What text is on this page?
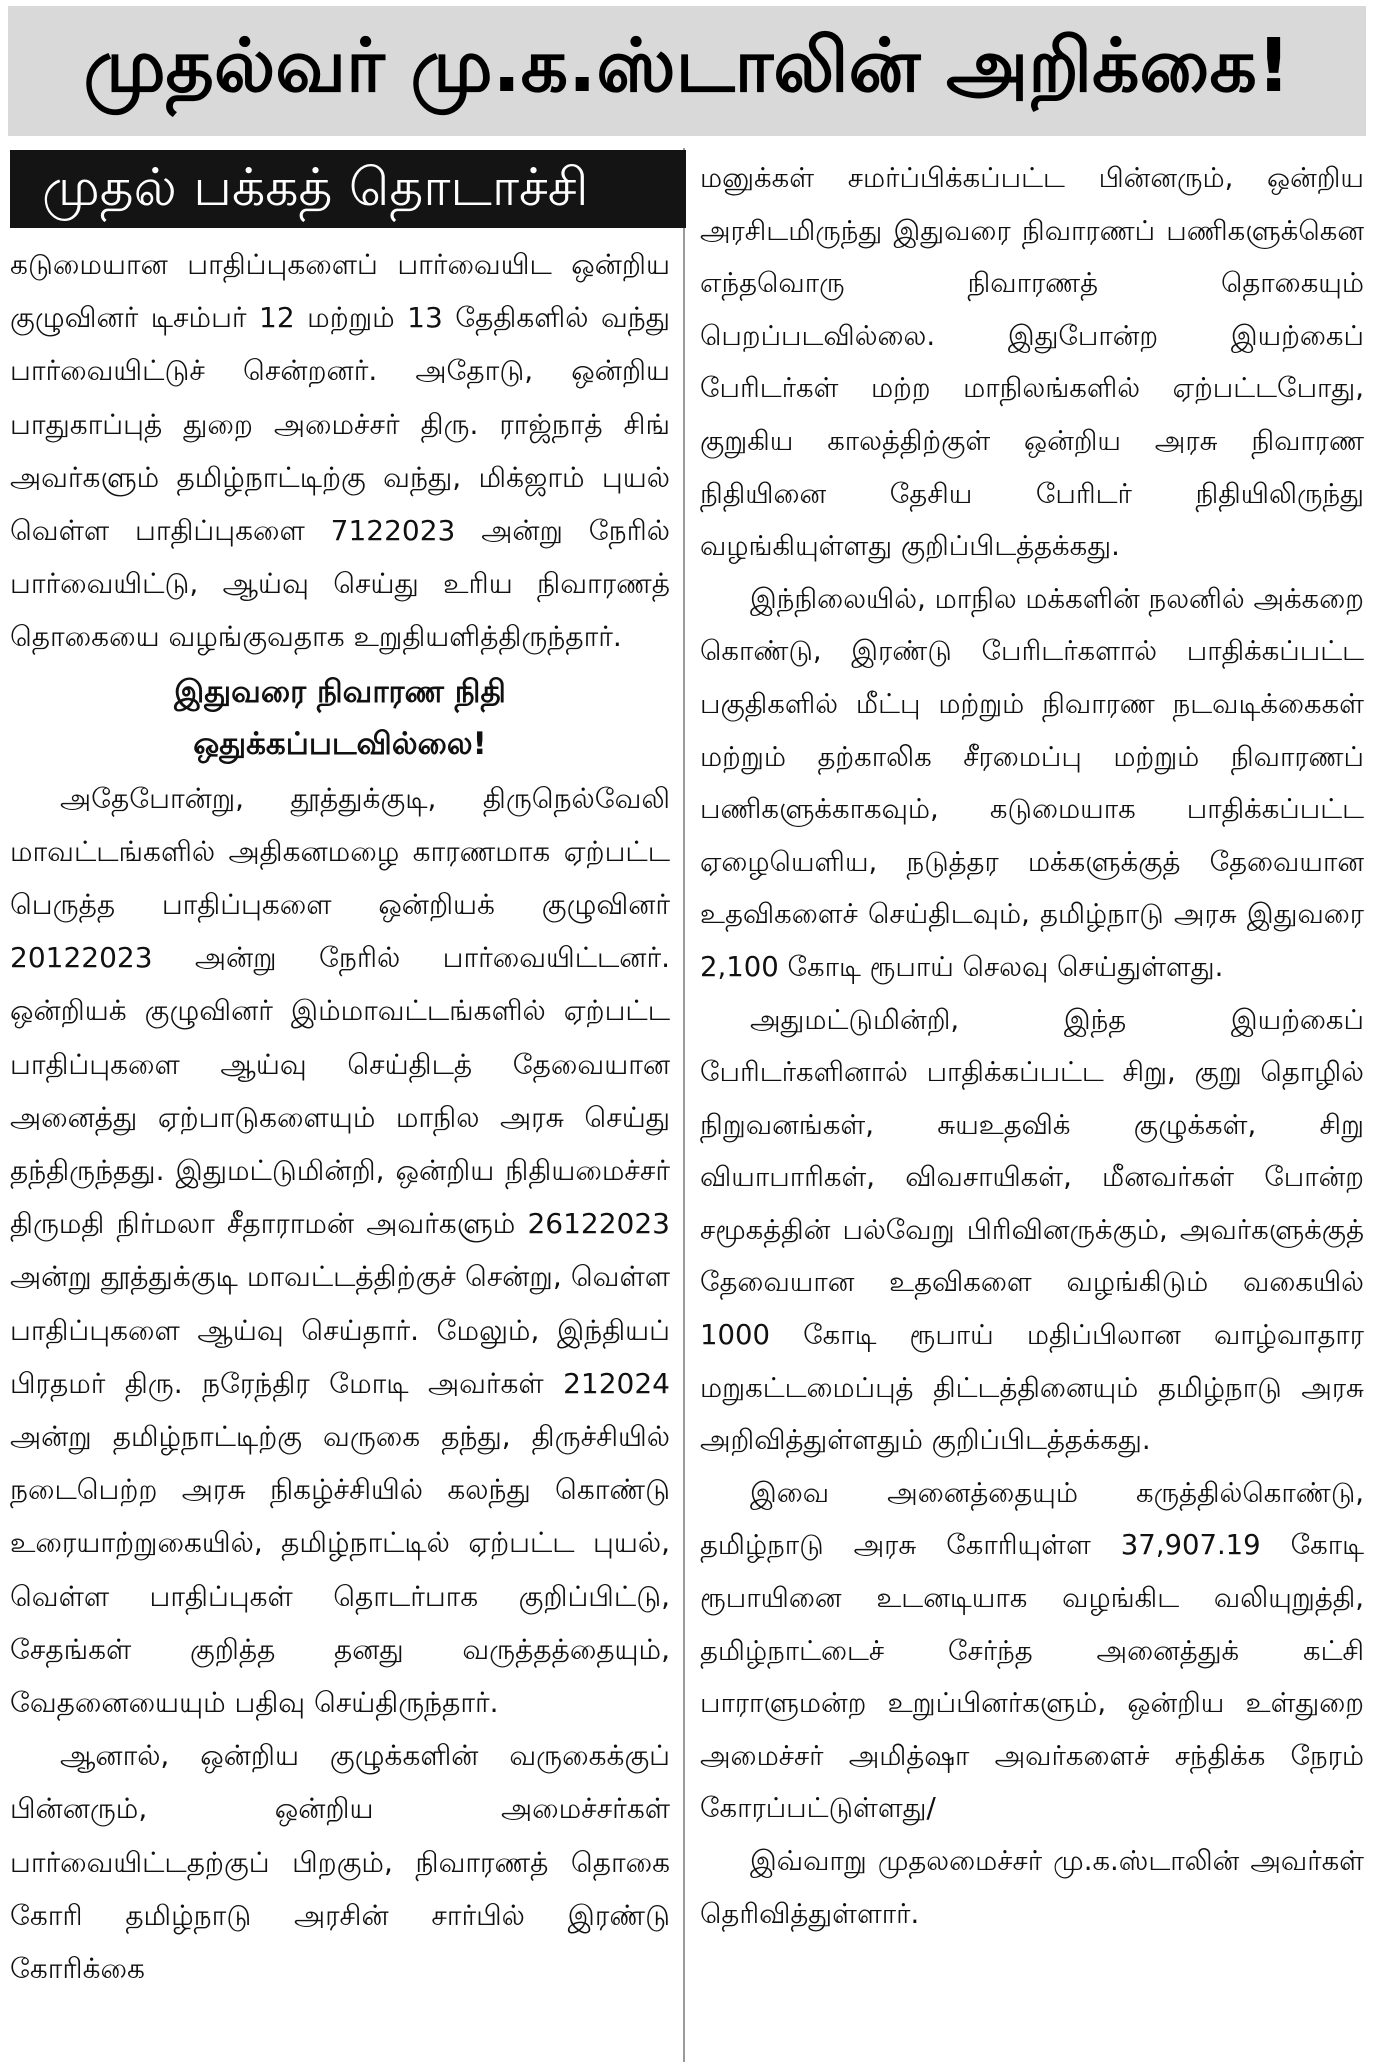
முதல்வர் மு.க.ஸ்டாலின் அறிக்கை!
முதல் பக்கத் தொடாச்சி

கடுமையான பாதிப்புகளைப் பார்வையிட ஒன்றிய குழுவினர் டிசம்பர் 12 மற்றும் 13 தேதிகளில் வந்து பார்வையிட்டுச் சென்றனர். அதோடு, ஒன்றிய பாதுகாப்புத் துறை அமைச்சர் திரு. ராஜ்நாத் சிங் அவர்களும் தமிழ்நாட்டிற்கு வந்து, மிக்ஜாம் புயல் வெள்ள பாதிப்புகளை 7122023 அன்று நேரில் பார்வையிட்டு, ஆய்வு செய்து உரிய நிவாரணத் தொகையை வழங்குவதாக உறுதியளித்திருந்தார்.

இதுவரை நிவாரண நிதி
ஒதுக்கப்படவில்லை!

அதேபோன்று, தூத்துக்குடி, திருநெல்வேலி மாவட்டங்களில் அதிகனமழை காரணமாக ஏற்பட்ட பெருத்த பாதிப்புகளை ஒன்றியக் குழுவினர் 20122023 அன்று நேரில் பார்வையிட்டனர். ஒன்றியக் குழுவினர் இம்மாவட்டங்களில் ஏற்பட்ட பாதிப்புகளை ஆய்வு செய்திடத் தேவையான அனைத்து ஏற்பாடுகளையும் மாநில அரசு செய்து தந்திருந்தது. இதுமட்டுமின்றி, ஒன்றிய நிதியமைச்சர் திருமதி நிர்மலா சீதாராமன் அவர்களும் 26122023 அன்று தூத்துக்குடி மாவட்டத்திற்குச் சென்று, வெள்ள பாதிப்புகளை ஆய்வு செய்தார். மேலும், இந்தியப் பிரதமர் திரு. நரேந்திர மோடி அவர்கள் 212024 அன்று தமிழ்நாட்டிற்கு வருகை தந்து, திருச்சியில் நடைபெற்ற அரசு நிகழ்ச்சியில் கலந்து கொண்டு உரையாற்றுகையில், தமிழ்நாட்டில் ஏற்பட்ட புயல், வெள்ள பாதிப்புகள் தொடர்பாக குறிப்பிட்டு, சேதங்கள் குறித்த தனது வருத்தத்தையும், வேதனையையும் பதிவு செய்திருந்தார்.

ஆனால், ஒன்றிய குழுக்களின் வருகைக்குப் பின்னரும், ஒன்றிய அமைச்சர்கள் பார்வையிட்டதற்குப் பிறகும், நிவாரணத் தொகை கோரி தமிழ்நாடு அரசின் சார்பில் இரண்டு கோரிக்கை

மனுக்கள் சமர்ப்பிக்கப்பட்ட பின்னரும், ஒன்றிய அரசிடமிருந்து இதுவரை நிவாரணப் பணிகளுக்கென எந்தவொரு நிவாரணத் தொகையும் பெறப்படவில்லை. இதுபோன்ற இயற்கைப் பேரிடர்கள் மற்ற மாநிலங்களில் ஏற்பட்டபோது, குறுகிய காலத்திற்குள் ஒன்றிய அரசு நிவாரண நிதியினை தேசிய பேரிடர் நிதியிலிருந்து வழங்கியுள்ளது குறிப்பிடத்தக்கது.

இந்நிலையில், மாநில மக்களின் நலனில் அக்கறை கொண்டு, இரண்டு பேரிடர்களால் பாதிக்கப்பட்ட பகுதிகளில் மீட்பு மற்றும் நிவாரண நடவடிக்கைகள் மற்றும் தற்காலிக சீரமைப்பு மற்றும் நிவாரணப் பணிகளுக்காகவும், கடுமையாக பாதிக்கப்பட்ட ஏழையெளிய, நடுத்தர மக்களுக்குத் தேவையான உதவிகளைச் செய்திடவும், தமிழ்நாடு அரசு இதுவரை 2,100 கோடி ரூபாய் செலவு செய்துள்ளது.

அதுமட்டுமின்றி, இந்த இயற்கைப் பேரிடர்களினால் பாதிக்கப்பட்ட சிறு, குறு தொழில் நிறுவனங்கள், சுயஉதவிக் குழுக்கள், சிறு வியாபாரிகள், விவசாயிகள், மீனவர்கள் போன்ற சமூகத்தின் பல்வேறு பிரிவினருக்கும், அவர்களுக்குத் தேவையான உதவிகளை வழங்கிடும் வகையில் 1000 கோடி ரூபாய் மதிப்பிலான வாழ்வாதார மறுகட்டமைப்புத் திட்டத்தினையும் தமிழ்நாடு அரசு அறிவித்துள்ளதும் குறிப்பிடத்தக்கது.

இவை அனைத்தையும் கருத்தில்கொண்டு, தமிழ்நாடு அரசு கோரியுள்ள 37,907.19 கோடி ரூபாயினை உடனடியாக வழங்கிட வலியுறுத்தி, தமிழ்நாட்டைச் சேர்ந்த அனைத்துக் கட்சி பாராளுமன்ற உறுப்பினர்களும், ஒன்றிய உள்துறை அமைச்சர் அமித்ஷா அவர்களைச் சந்திக்க நேரம் கோரப்பட்டுள்ளது/

இவ்வாறு முதலமைச்சர் மு.க.ஸ்டாலின் அவர்கள் தெரிவித்துள்ளார்.
